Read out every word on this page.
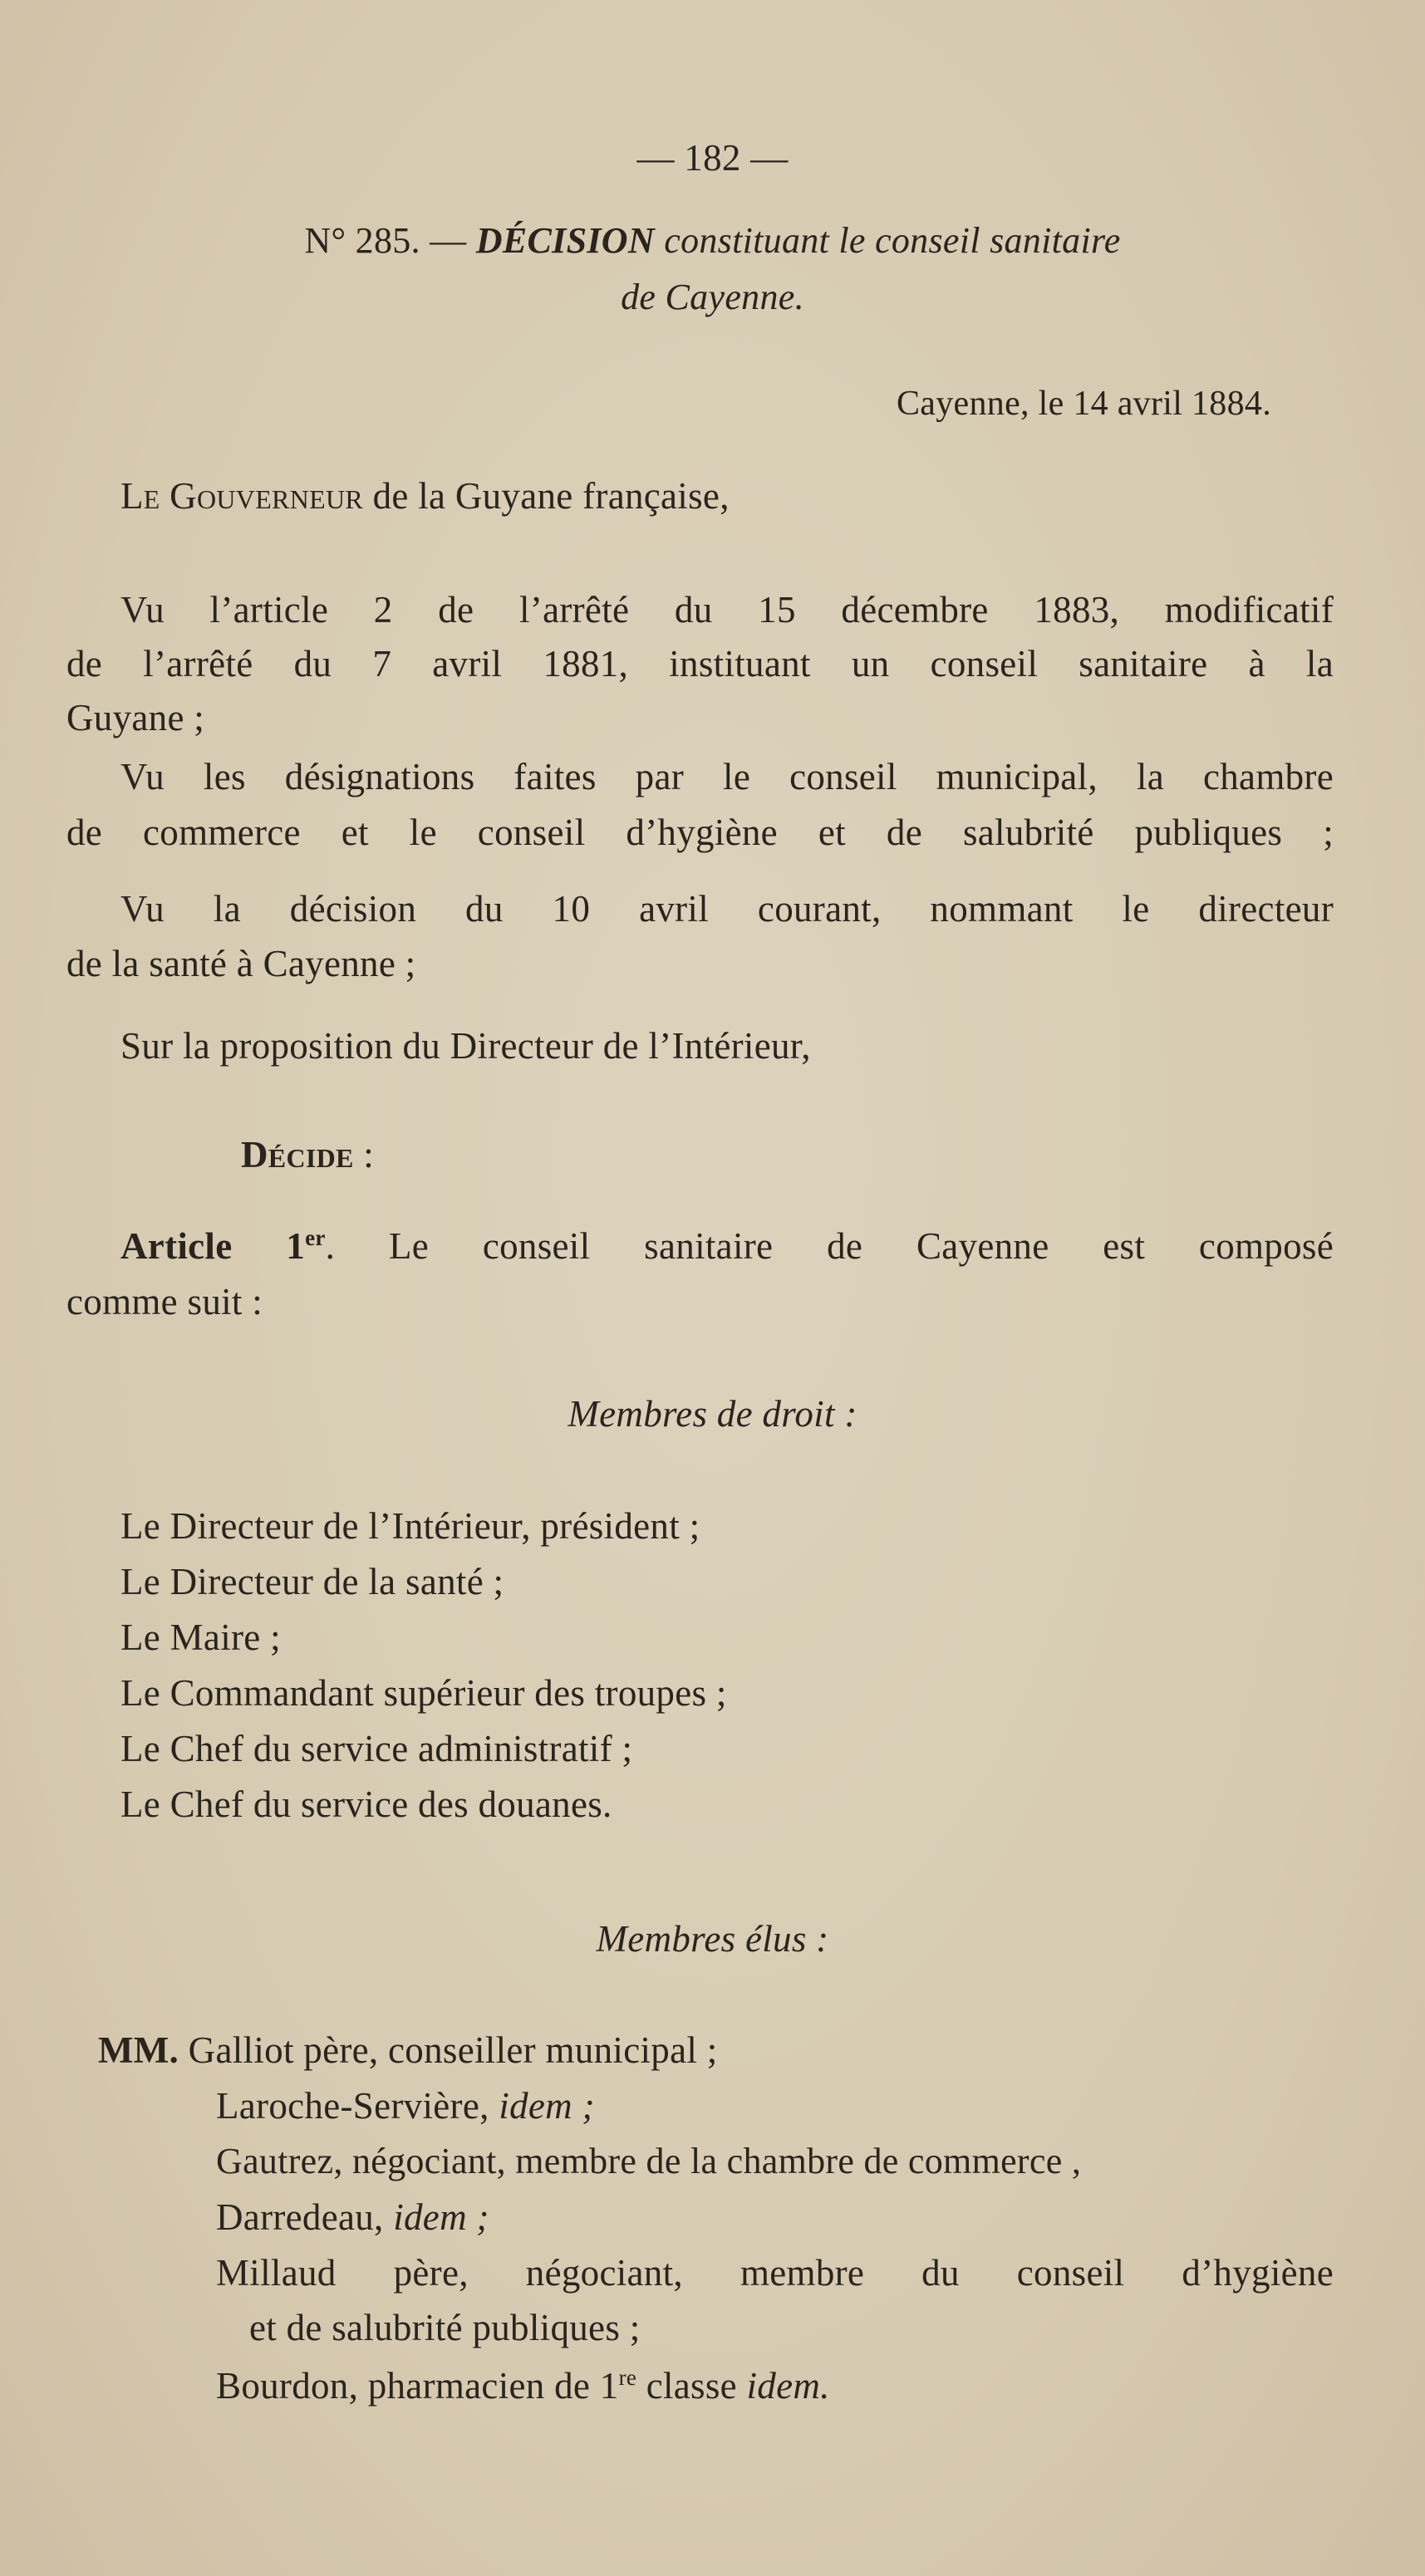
— 182 —
N° 285. — DÉCISION constituant le conseil sanitaire
de Cayenne.
Cayenne, le 14 avril 1884.
Le Gouverneur de la Guyane française,
Vu l’article 2 de l’arrêté du 15 décembre 1883, modificatif
de l’arrêté du 7 avril 1881, instituant un conseil sanitaire à la
Guyane ;
Vu les désignations faites par le conseil municipal, la chambre
de commerce et le conseil d’hygiène et de salubrité publiques ;
Vu la décision du 10 avril courant, nommant le directeur
de la santé à Cayenne ;
Sur la proposition du Directeur de l’Intérieur,
Décide :
Article 1er. Le conseil sanitaire de Cayenne est composé
comme suit :
Membres de droit :
Le Directeur de l’Intérieur, président ;
Le Directeur de la santé ;
Le Maire ;
Le Commandant supérieur des troupes ;
Le Chef du service administratif ;
Le Chef du service des douanes.
Membres élus :
MM. Galliot père, conseiller municipal ;
Laroche-Servière, idem ;
Gautrez, négociant, membre de la chambre de commerce ,
Darredeau, idem ;
Millaud père, négociant, membre du conseil d’hygiène
et de salubrité publiques ;
Bourdon, pharmacien de 1re classe idem.
